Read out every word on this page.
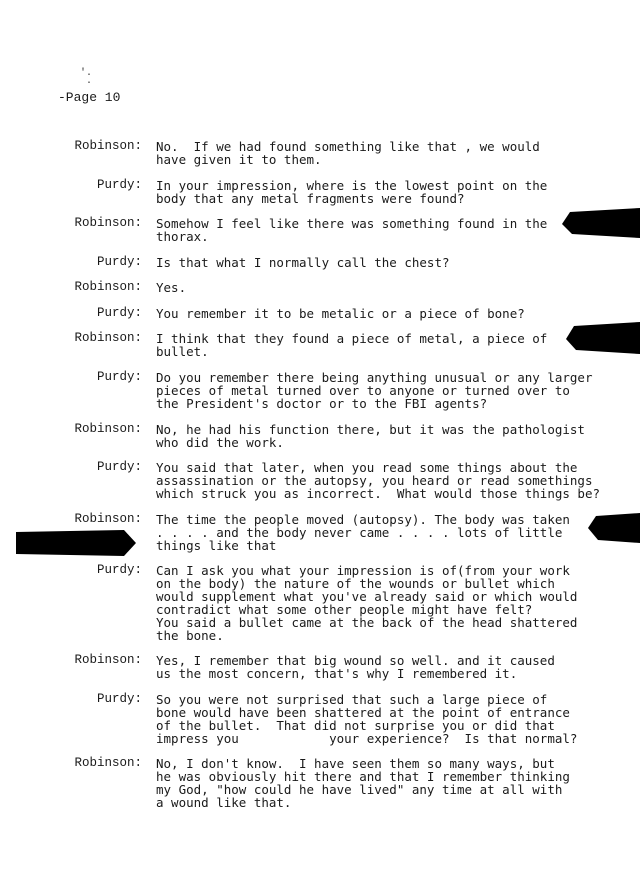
'.
.
-Page 10
Robinson: No.  If we had found something like that , we would
have given it to them.
Purdy: In your impression, where is the lowest point on the
body that any metal fragments were found?
Robinson: Somehow I feel like there was something found in the
thorax.
Purdy: Is that what I normally call the chest?
Robinson: Yes.
Purdy: You remember it to be metalic or a piece of bone?
Robinson: I think that they found a piece of metal, a piece of
bullet.
Purdy: Do you remember there being anything unusual or any larger
pieces of metal turned over to anyone or turned over to
the President's doctor or to the FBI agents?
Robinson: No, he had his function there, but it was the pathologist
who did the work.
Purdy: You said that later, when you read some things about the
assassination or the autopsy, you heard or read somethings
which struck you as incorrect.  What would those things be?
Robinson: The time the people moved (autopsy). The body was taken
. . . . and the body never came . . . . lots of little
things like that
Purdy: Can I ask you what your impression is of(from your work
on the body) the nature of the wounds or bullet which
would supplement what you've already said or which would
contradict what some other people might have felt?
You said a bullet came at the back of the head shattered
the bone.
Robinson: Yes, I remember that big wound so well. and it caused
us the most concern, that's why I remembered it.
Purdy: So you were not surprised that such a large piece of
bone would have been shattered at the point of entrance
of the bullet.  That did not surprise you or did that
impress you            your experience?  Is that normal?
Robinson: No, I don't know.  I have seen them so many ways, but
he was obviously hit there and that I remember thinking
my God, "how could he have lived" any time at all with
a wound like that.
